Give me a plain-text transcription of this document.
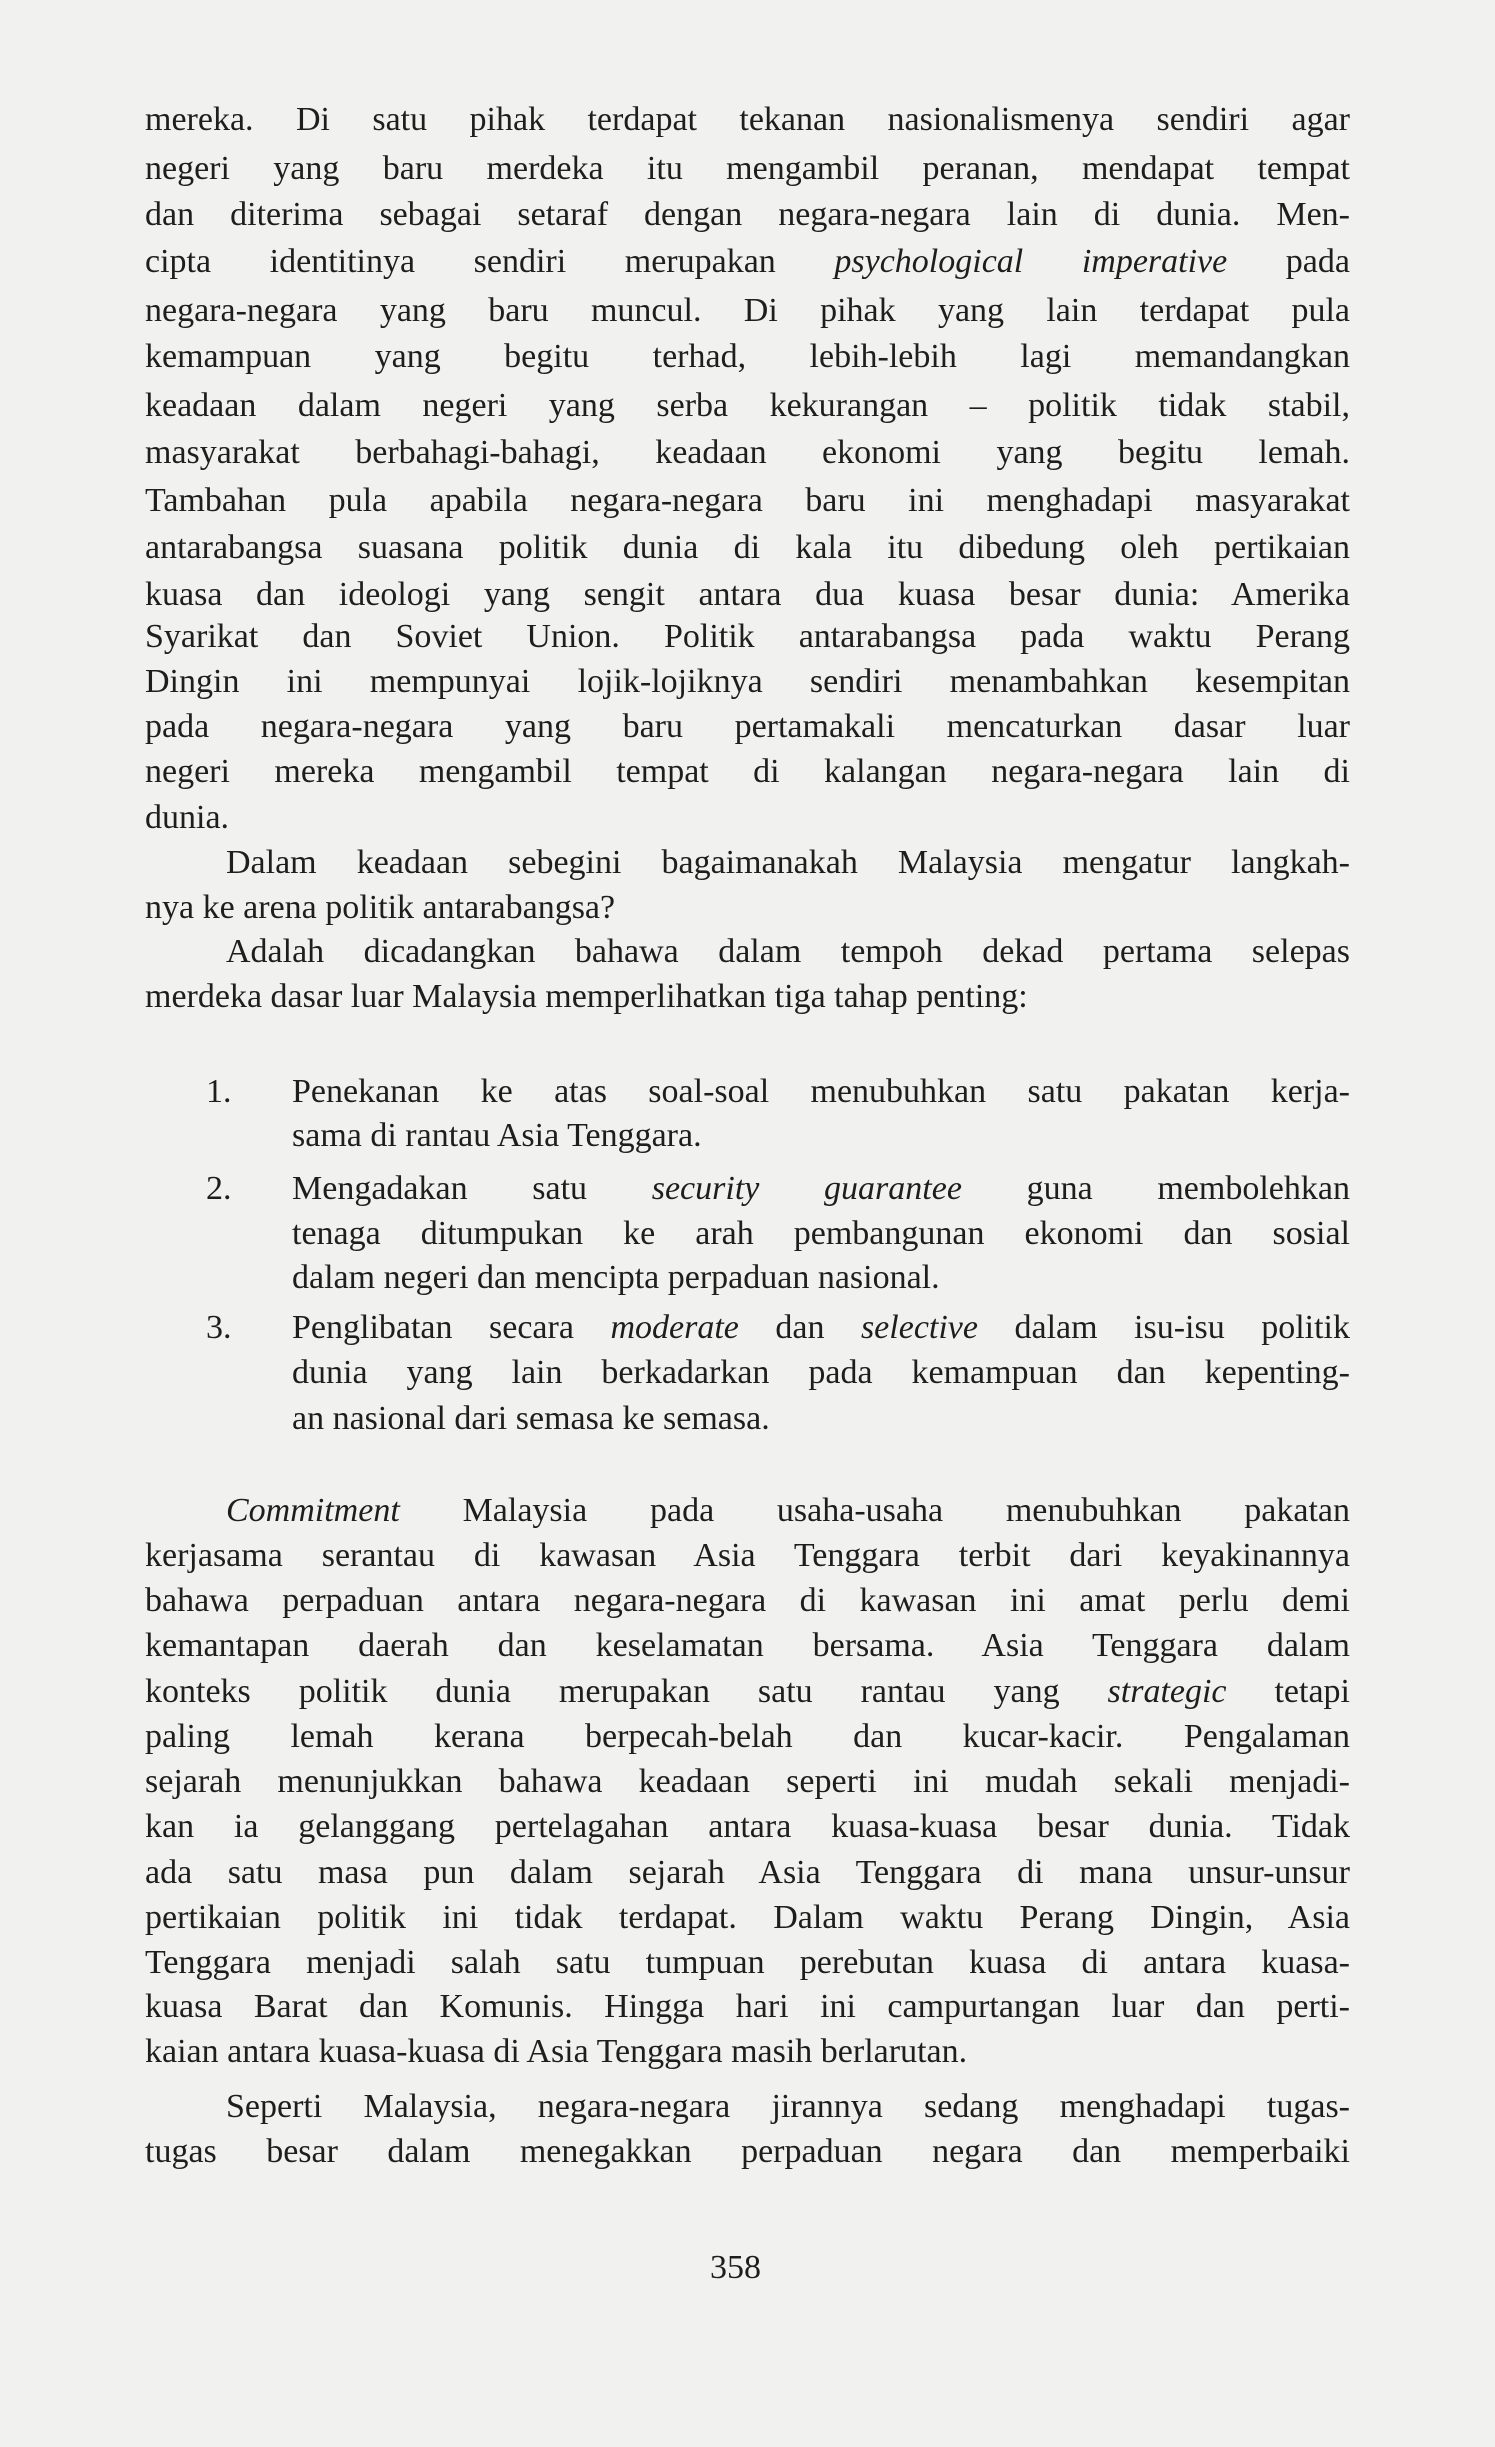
mereka. Di satu pihak terdapat tekanan nasionalismenya sendiri agar
negeri yang baru merdeka itu mengambil peranan, mendapat tempat
dan diterima sebagai setaraf dengan negara-negara lain di dunia. Men-
cipta identitinya sendiri merupakan psychological imperative pada
negara-negara yang baru muncul. Di pihak yang lain terdapat pula
kemampuan yang begitu terhad, lebih-lebih lagi memandangkan
keadaan dalam negeri yang serba kekurangan – politik tidak stabil,
masyarakat berbahagi-bahagi, keadaan ekonomi yang begitu lemah.
Tambahan pula apabila negara-negara baru ini menghadapi masyarakat
antarabangsa suasana politik dunia di kala itu dibedung oleh pertikaian
kuasa dan ideologi yang sengit antara dua kuasa besar dunia: Amerika
Syarikat dan Soviet Union. Politik antarabangsa pada waktu Perang
Dingin ini mempunyai lojik-lojiknya sendiri menambahkan kesempitan
pada negara-negara yang baru pertamakali mencaturkan dasar luar
negeri mereka mengambil tempat di kalangan negara-negara lain di
dunia.
Dalam keadaan sebegini bagaimanakah Malaysia mengatur langkah-
nya ke arena politik antarabangsa?
Adalah dicadangkan bahawa dalam tempoh dekad pertama selepas
merdeka dasar luar Malaysia memperlihatkan tiga tahap penting:
Penekanan ke atas soal-soal menubuhkan satu pakatan kerja-
1.
sama di rantau Asia Tenggara.
Mengadakan satu security guarantee guna membolehkan
2.
tenaga ditumpukan ke arah pembangunan ekonomi dan sosial
dalam negeri dan mencipta perpaduan nasional.
Penglibatan secara moderate dan selective dalam isu-isu politik
3.
dunia yang lain berkadarkan pada kemampuan dan kepenting-
an nasional dari semasa ke semasa.
Commitment Malaysia pada usaha-usaha menubuhkan pakatan
kerjasama serantau di kawasan Asia Tenggara terbit dari keyakinannya
bahawa perpaduan antara negara-negara di kawasan ini amat perlu demi
kemantapan daerah dan keselamatan bersama. Asia Tenggara dalam
konteks politik dunia merupakan satu rantau yang strategic tetapi
paling lemah kerana berpecah-belah dan kucar-kacir. Pengalaman
sejarah menunjukkan bahawa keadaan seperti ini mudah sekali menjadi-
kan ia gelanggang pertelagahan antara kuasa-kuasa besar dunia. Tidak
ada satu masa pun dalam sejarah Asia Tenggara di mana unsur-unsur
pertikaian politik ini tidak terdapat. Dalam waktu Perang Dingin, Asia
Tenggara menjadi salah satu tumpuan perebutan kuasa di antara kuasa-
kuasa Barat dan Komunis. Hingga hari ini campurtangan luar dan perti-
kaian antara kuasa-kuasa di Asia Tenggara masih berlarutan.
Seperti Malaysia, negara-negara jirannya sedang menghadapi tugas-
tugas besar dalam menegakkan perpaduan negara dan memperbaiki
358
